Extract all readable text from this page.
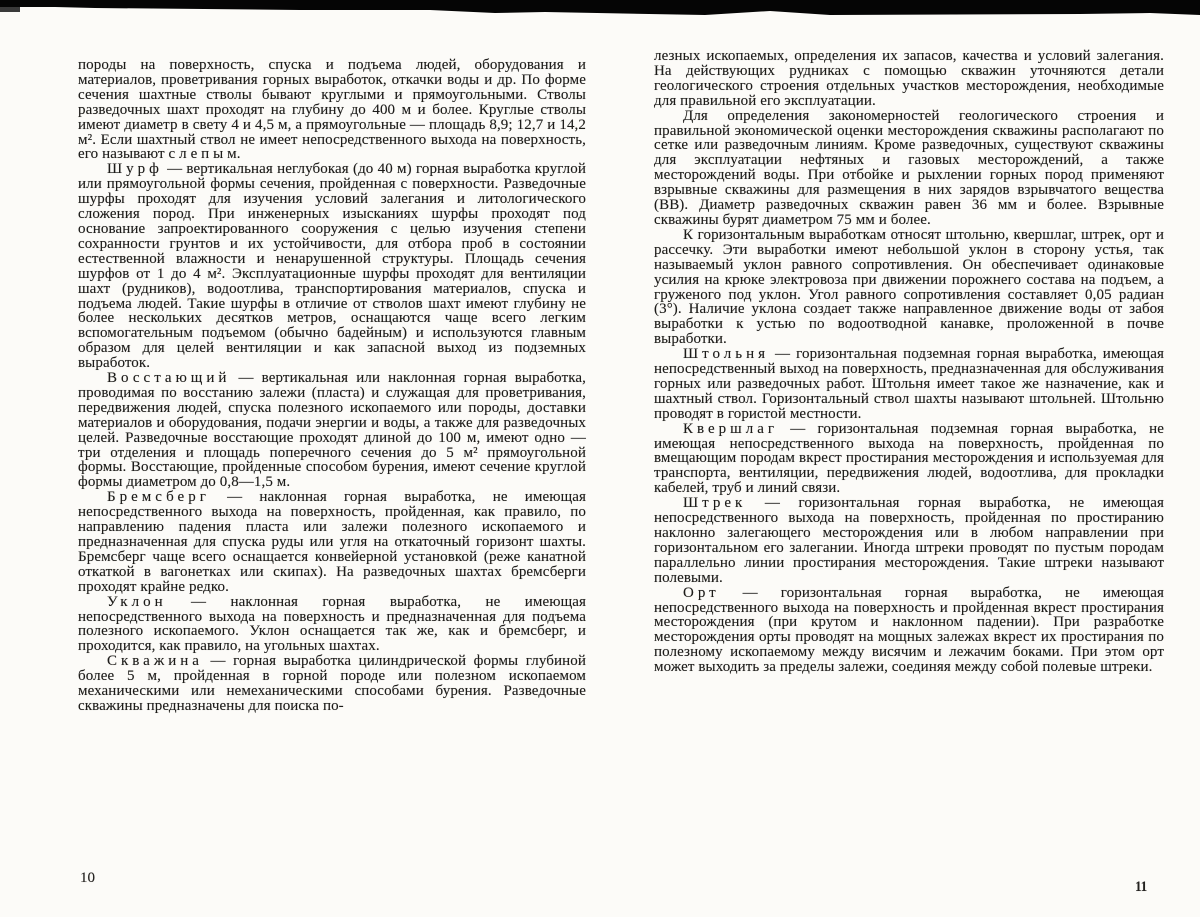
породы на поверхность, спуска и подъема людей, оборудования и материалов, проветривания горных выработок, откачки воды и др. По форме сечения шахтные стволы бывают круглыми и прямоугольными. Стволы разведочных шахт проходят на глубину до 400 м и более. Круглые стволы имеют диаметр в свету 4 и 4,5 м, а прямоугольные — площадь 8,9; 12,7 и 14,2 м². Если шахтный ствол не имеет непосредственного выхода на поверхность, его называют с л е п ы м.

Шурф — вертикальная неглубокая (до 40 м) горная выработка круглой или прямоугольной формы сечения, пройденная с поверхности. Разведочные шурфы проходят для изучения условий залегания и литологического сложения пород. При инженерных изысканиях шурфы проходят под основание запроектированного сооружения с целью изучения степени сохранности грунтов и их устойчивости, для отбора проб в состоянии естественной влажности и ненарушенной структуры. Площадь сечения шурфов от 1 до 4 м². Эксплуатационные шурфы проходят для вентиляции шахт (рудников), водоотлива, транспортирования материалов, спуска и подъема людей. Такие шурфы в отличие от стволов шахт имеют глубину не более нескольких десятков метров, оснащаются чаще всего легким вспомогательным подъемом (обычно бадейным) и используются главным образом для целей вентиляции и как запасной выход из подземных выработок.

Восстающий — вертикальная или наклонная горная выработка, проводимая по восстанию залежи (пласта) и служащая для проветривания, передвижения людей, спуска полезного ископаемого или породы, доставки материалов и оборудования, подачи энергии и воды, а также для разведочных целей. Разведочные восстающие проходят длиной до 100 м, имеют одно — три отделения и площадь поперечного сечения до 5 м² прямоугольной формы. Восстающие, пройденные способом бурения, имеют сечение круглой формы диаметром до 0,8—1,5 м.

Бремсберг — наклонная горная выработка, не имеющая непосредственного выхода на поверхность, пройденная, как правило, по направлению падения пласта или залежи полезного ископаемого и предназначенная для спуска руды или угля на откаточный горизонт шахты. Бремсберг чаще всего оснащается конвейерной установкой (реже канатной откаткой в вагонетках или скипах). На разведочных шахтах бремсберги проходят крайне редко.

Уклон — наклонная горная выработка, не имеющая непосредственного выхода на поверхность и предназначенная для подъема полезного ископаемого. Уклон оснащается так же, как и бремсберг, и проходится, как правило, на угольных шахтах.

Скважина — горная выработка цилиндрической формы глубиной более 5 м, пройденная в горной породе или полезном ископаемом механическими или немеханическими способами бурения. Разведочные скважины предназначены для поиска по-

лезных ископаемых, определения их запасов, качества и условий залегания. На действующих рудниках с помощью скважин уточняются детали геологического строения отдельных участков месторождения, необходимые для правильной его эксплуатации.

Для определения закономерностей геологического строения и правильной экономической оценки месторождения скважины располагают по сетке или разведочным линиям. Кроме разведочных, существуют скважины для эксплуатации нефтяных и газовых месторождений, а также месторождений воды. При отбойке и рыхлении горных пород применяют взрывные скважины для размещения в них зарядов взрывчатого вещества (ВВ). Диаметр разведочных скважин равен 36 мм и более. Взрывные скважины бурят диаметром 75 мм и более.

К горизонтальным выработкам относят штольню, квершлаг, штрек, орт и рассечку. Эти выработки имеют небольшой уклон в сторону устья, так называемый уклон равного сопротивления. Он обеспечивает одинаковые усилия на крюке электровоза при движении порожнего состава на подъем, а груженого под уклон. Угол равного сопротивления составляет 0,05 радиан (3°). Наличие уклона создает также направленное движение воды от забоя выработки к устью по водоотводной канавке, проложенной в почве выработки.

Штольня — горизонтальная подземная горная выработка, имеющая непосредственный выход на поверхность, предназначенная для обслуживания горных или разведочных работ. Штольня имеет такое же назначение, как и шахтный ствол. Горизонтальный ствол шахты называют штольней. Штольню проводят в гористой местности.

Квершлаг — горизонтальная подземная горная выработка, не имеющая непосредственного выхода на поверхность, пройденная по вмещающим породам вкрест простирания месторождения и используемая для транспорта, вентиляции, передвижения людей, водоотлива, для прокладки кабелей, труб и линий связи.

Штрек — горизонтальная горная выработка, не имеющая непосредственного выхода на поверхность, пройденная по простиранию наклонно залегающего месторождения или в любом направлении при горизонтальном его залегании. Иногда штреки проводят по пустым породам параллельно линии простирания месторождения. Такие штреки называют полевыми.

Орт — горизонтальная горная выработка, не имеющая непосредственного выхода на поверхность и пройденная вкрест простирания месторождения (при крутом и наклонном падении). При разработке месторождения орты проводят на мощных залежах вкрест их простирания по полезному ископаемому между висячим и лежачим боками. При этом орт может выходить за пределы залежи, соединяя между собой полевые штреки.

10
11
